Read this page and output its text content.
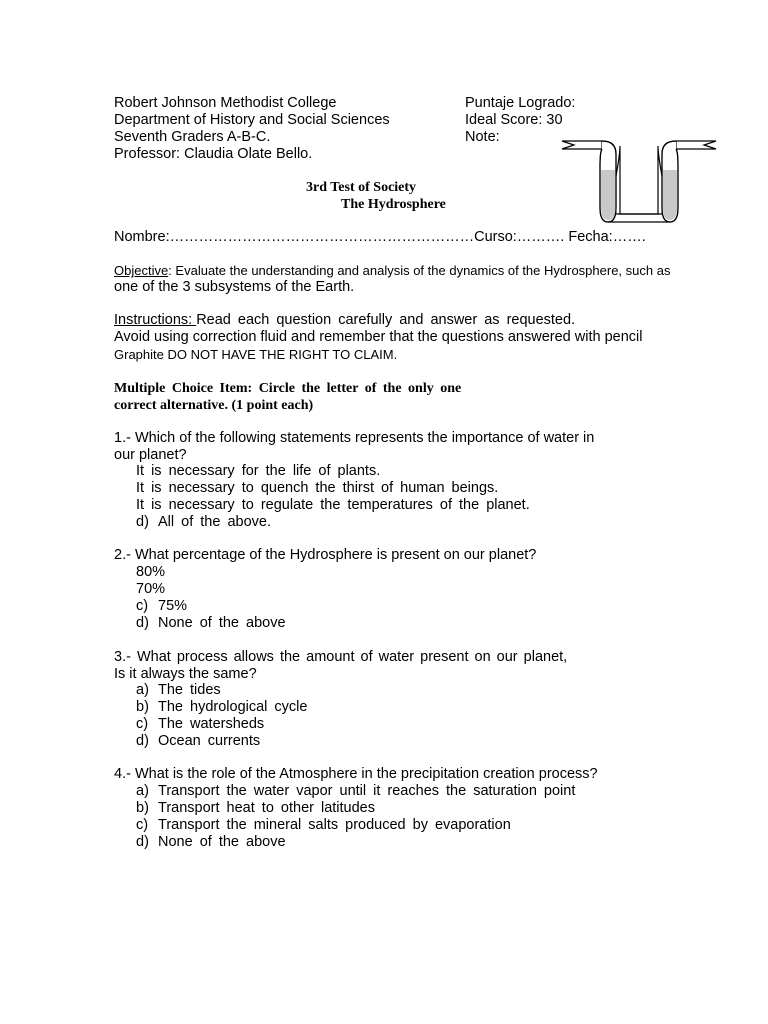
Robert Johnson Methodist College
Department of History and Social Sciences
Seventh Graders A-B-C.
Professor: Claudia Olate Bello.
Puntaje Logrado:
Ideal Score: 30
Note:
3rd Test of Society
The Hydrosphere
Nombre:………………………………………………………Curso:………. Fecha:…….
Objective: Evaluate the understanding and analysis of the dynamics of the Hydrosphere, such as
one of the 3 subsystems of the Earth.
Instructions: Read each question carefully and answer as requested.
Avoid using correction fluid and remember that the questions answered with pencil
Graphite DO NOT HAVE THE RIGHT TO CLAIM.
Multiple Choice Item: Circle the letter of the only one
correct alternative. (1 point each)
1.- Which of the following statements represents the importance of water in
our planet?
It is necessary for the life of plants.
It is necessary to quench the thirst of human beings.
It is necessary to regulate the temperatures of the planet.
d) All of the above.
2.- What percentage of the Hydrosphere is present on our planet?
80%
70%
c) 75%
d) None of the above
3.- What process allows the amount of water present on our planet,
Is it always the same?
a) The tides
b) The hydrological cycle
c) The watersheds
d) Ocean currents
4.- What is the role of the Atmosphere in the precipitation creation process?
a) Transport the water vapor until it reaches the saturation point
b) Transport heat to other latitudes
c) Transport the mineral salts produced by evaporation
d) None of the above
